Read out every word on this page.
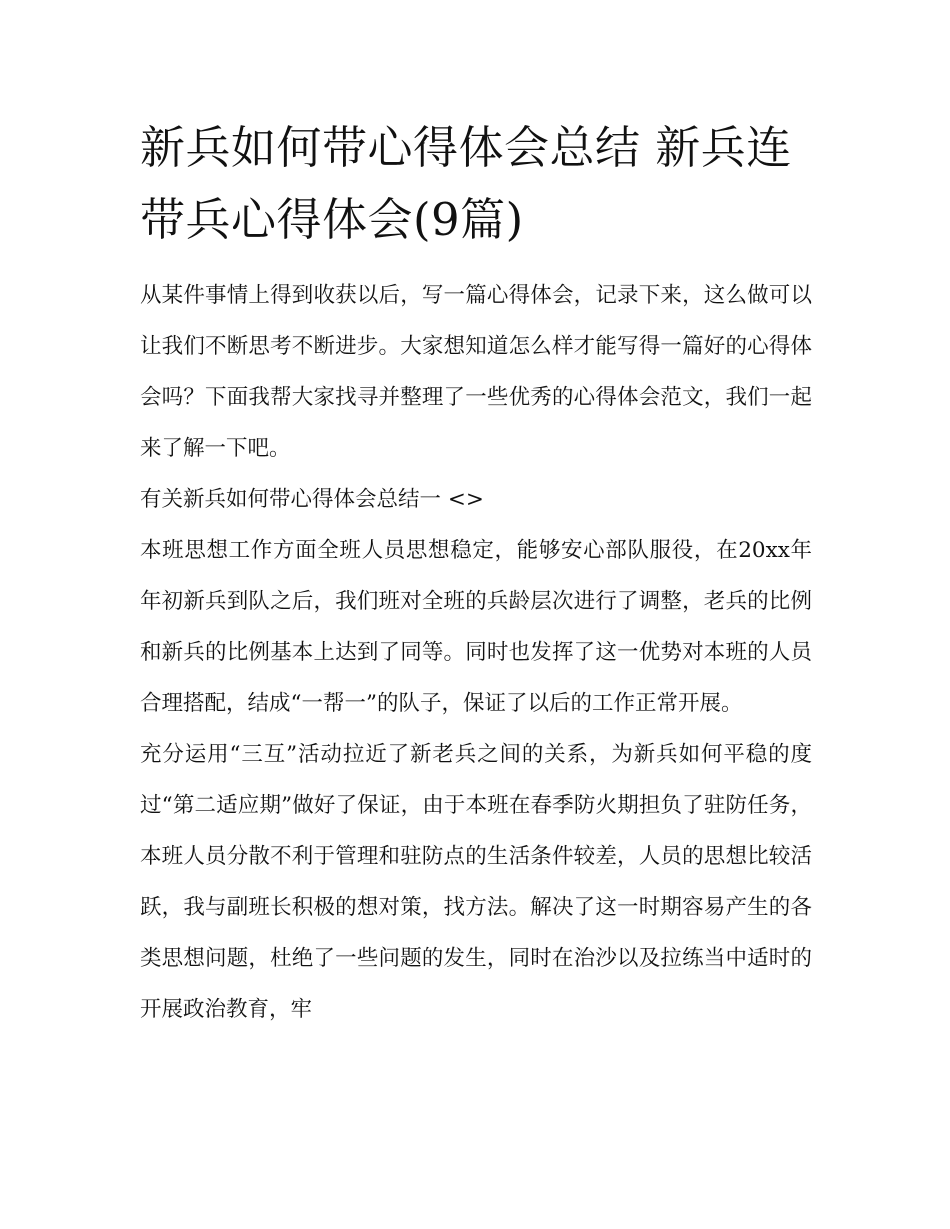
新兵如何带心得体会总结 新兵连带兵心得体会(9篇)

从某件事情上得到收获以后，写一篇心得体会，记录下来，这么做可以让我们不断思考不断进步。大家想知道怎么样才能写得一篇好的心得体会吗？下面我帮大家找寻并整理了一些优秀的心得体会范文，我们一起来了解一下吧。

有关新兵如何带心得体会总结一 <>

本班思想工作方面全班人员思想稳定，能够安心部队服役，在20xx年年初新兵到队之后，我们班对全班的兵龄层次进行了调整，老兵的比例和新兵的比例基本上达到了同等。同时也发挥了这一优势对本班的人员合理搭配，结成“一帮一”的队子，保证了以后的工作正常开展。

充分运用“三互”活动拉近了新老兵之间的关系，为新兵如何平稳的度过“第二适应期”做好了保证，由于本班在春季防火期担负了驻防任务，本班人员分散不利于管理和驻防点的生活条件较差，人员的思想比较活跃，我与副班长积极的想对策，找方法。解决了这一时期容易产生的各类思想问题，杜绝了一些问题的发生，同时在治沙以及拉练当中适时的开展政治教育，牢
